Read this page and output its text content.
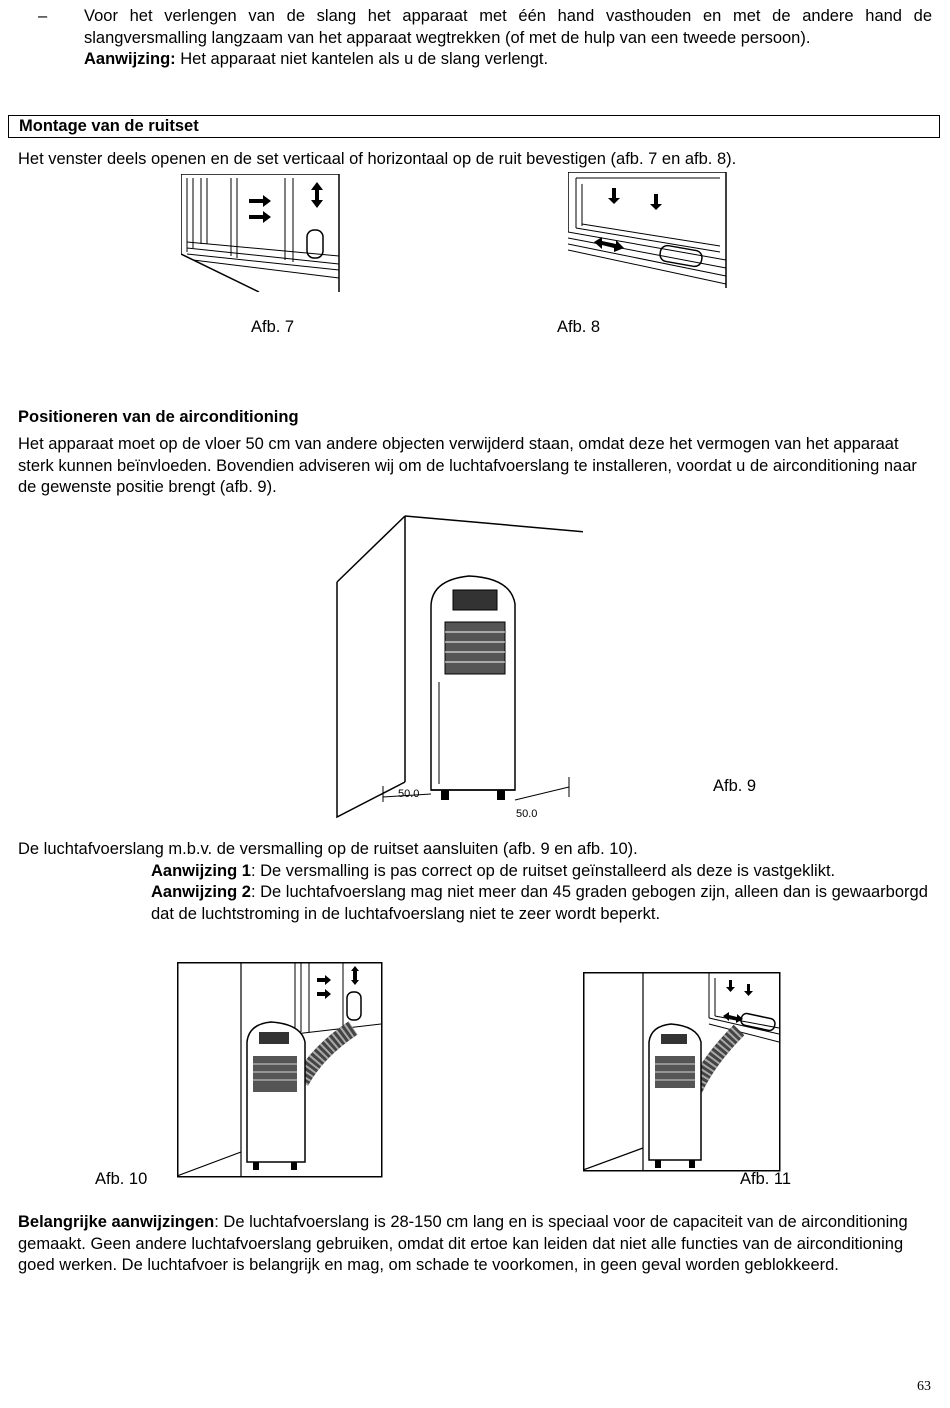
– Voor het verlengen van de slang het apparaat met één hand vasthouden en met de andere hand de slangversmalling langzaam van het apparaat wegtrekken (of met de hulp van een tweede persoon).

Aanwijzing: Het apparaat niet kantelen als u de slang verlengt.

Montage van de ruitset
Het venster deels openen en de set verticaal of horizontaal op de ruit bevestigen (afb. 7 en afb. 8).
Afb. 7	Afb. 8
Positioneren van de airconditioning
Het apparaat moet op de vloer 50 cm van andere objecten verwijderd staan, omdat deze het vermogen van het apparaat sterk kunnen beïnvloeden. Bovendien adviseren wij om de luchtafvoerslang te installeren, voordat u de airconditioning naar de gewenste positie brengt (afb. 9).
50.0
50.0
Afb. 9
De luchtafvoerslang m.b.v. de versmalling op de ruitset aansluiten (afb. 9 en afb. 10).
Aanwijzing 1: De versmalling is pas correct op de ruitset geïnstalleerd als deze is vastgeklikt.
Aanwijzing 2: De luchtafvoerslang mag niet meer dan 45 graden gebogen zijn, alleen dan is gewaarborgd dat de luchtstroming in de luchtafvoerslang niet te zeer wordt beperkt.
Afb. 10	Afb. 11
Belangrijke aanwijzingen: De luchtafvoerslang is 28-150 cm lang en is speciaal voor de capaciteit van de airconditioning gemaakt. Geen andere luchtafvoerslang gebruiken, omdat dit ertoe kan leiden dat niet alle functies van de airconditioning goed werken. De luchtafvoer is belangrijk en mag, om schade te voorkomen, in geen geval worden geblokkeerd.
63
